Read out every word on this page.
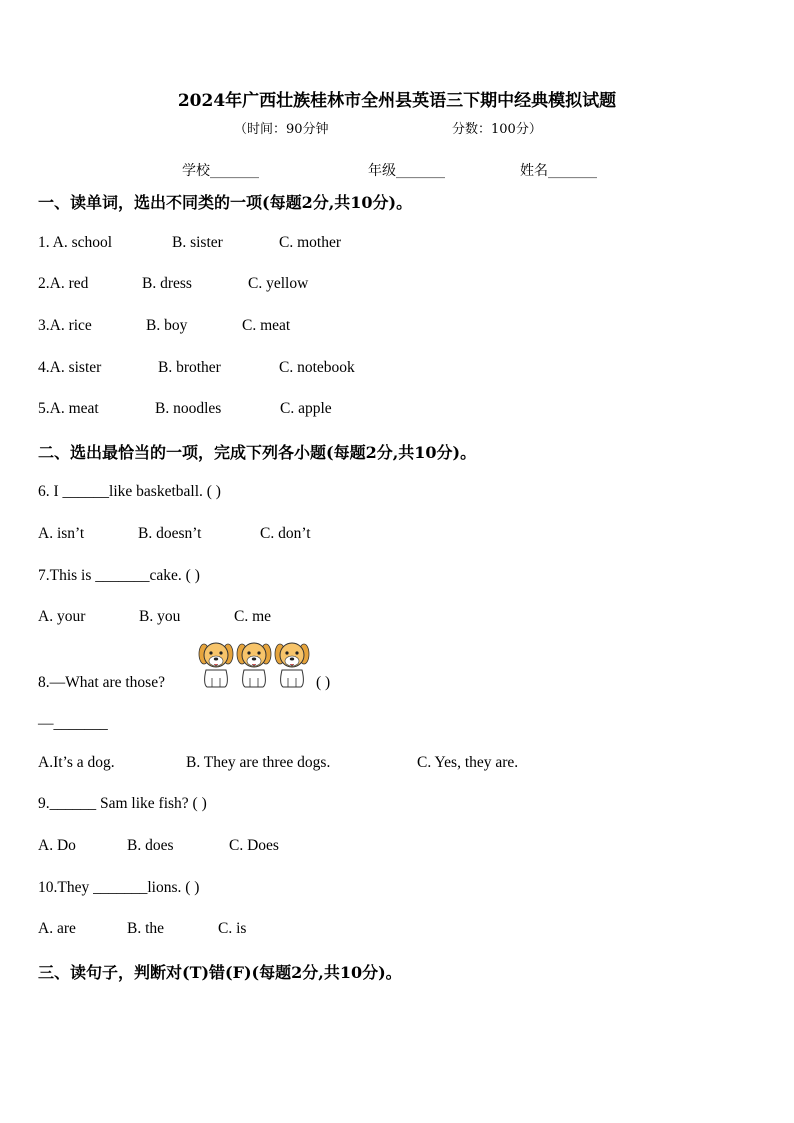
2024年广西壮族桂林市全州县英语三下期中经典模拟试题
（时间：90分钟	分数：100分）
学校_______	年级_______	姓名_______
一、读单词，选出不同类的一项(每题2分,共10分)。
1. A. school	B. sister	C. mother
2.A. red	B. dress	C. yellow
3.A. rice	B. boy	C. meat
4.A. sister	B. brother	C. notebook
5.A. meat	B. noodles	C. apple
二、选出最恰当的一项，完成下列各小题(每题2分,共10分)。
6. I ______like basketball. ( )
A. isn’t	B. doesn’t	C. don’t
7.This is _______cake. ( )
A. your	B. you	C. me
8.—What are those?	( )
—_______
A.It’s a dog.	B. They are three dogs.	C. Yes, they are.
9.______ Sam like fish? ( )
A. Do	B. does	C. Does
10.They _______lions. ( )
A. are	B. the	C. is
三、读句子，判断对(T)错(F)(每题2分,共10分)。
